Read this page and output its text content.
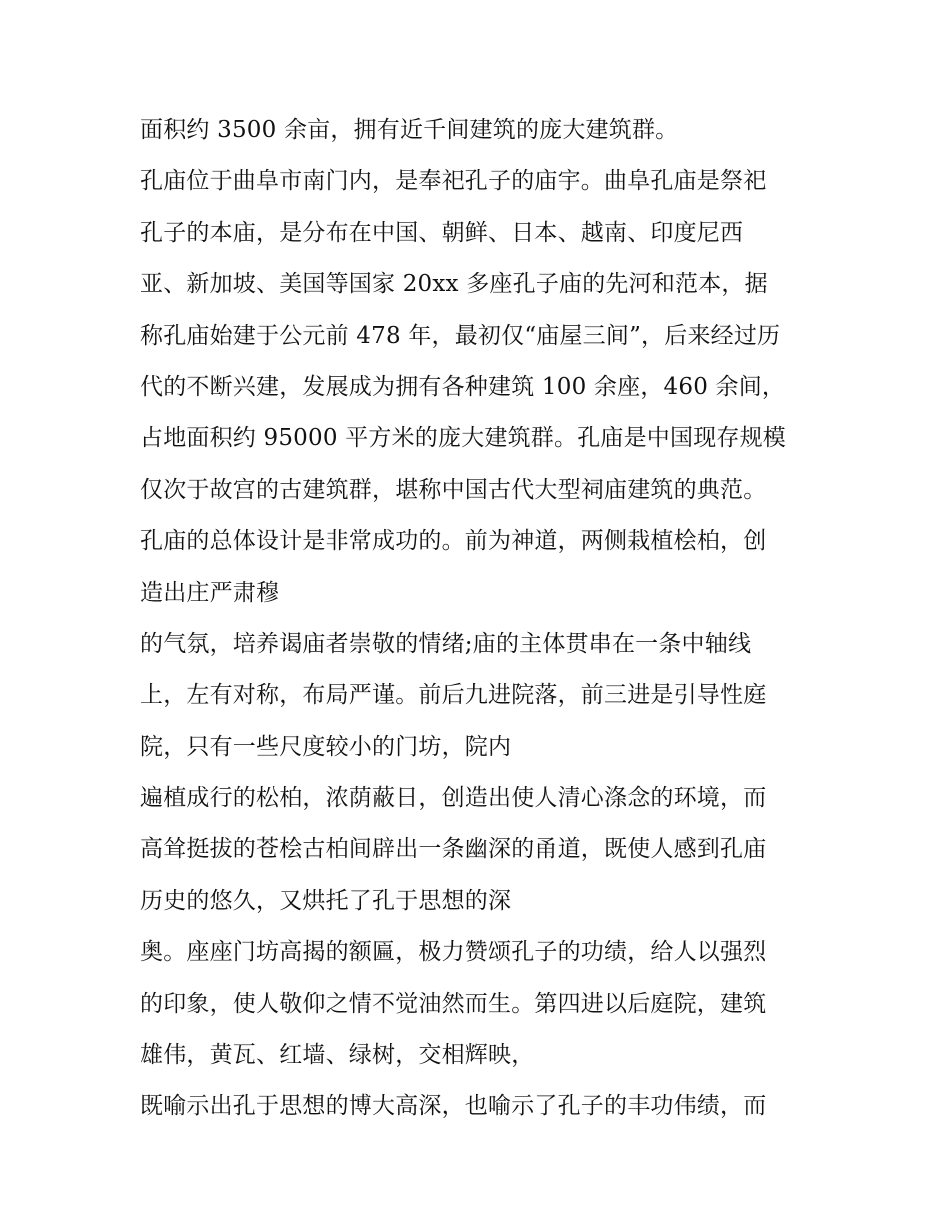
面积约 3500 余亩，拥有近千间建筑的庞大建筑群。
孔庙位于曲阜市南门内，是奉祀孔子的庙宇。曲阜孔庙是祭祀
孔子的本庙，是分布在中国、朝鲜、日本、越南、印度尼西
亚、新加坡、美国等国家 20xx 多座孔子庙的先河和范本，据
称孔庙始建于公元前 478 年，最初仅“庙屋三间”，后来经过历
代的不断兴建，发展成为拥有各种建筑 100 余座，460 余间，
占地面积约 95000 平方米的庞大建筑群。孔庙是中国现存规模
仅次于故宫的古建筑群，堪称中国古代大型祠庙建筑的典范。
孔庙的总体设计是非常成功的。前为神道，两侧栽植桧柏，创
造出庄严肃穆
的气氛，培养谒庙者崇敬的情绪;庙的主体贯串在一条中轴线
上，左有对称，布局严谨。前后九进院落，前三进是引导性庭
院，只有一些尺度较小的门坊，院内
遍植成行的松柏，浓荫蔽日，创造出使人清心涤念的环境，而
高耸挺拔的苍桧古柏间辟出一条幽深的甬道，既使人感到孔庙
历史的悠久，又烘托了孔于思想的深
奥。座座门坊高揭的额匾，极力赞颂孔子的功绩，给人以强烈
的印象，使人敬仰之情不觉油然而生。第四进以后庭院，建筑
雄伟，黄瓦、红墙、绿树，交相辉映，
既喻示出孔于思想的博大高深，也喻示了孔子的丰功伟绩，而
